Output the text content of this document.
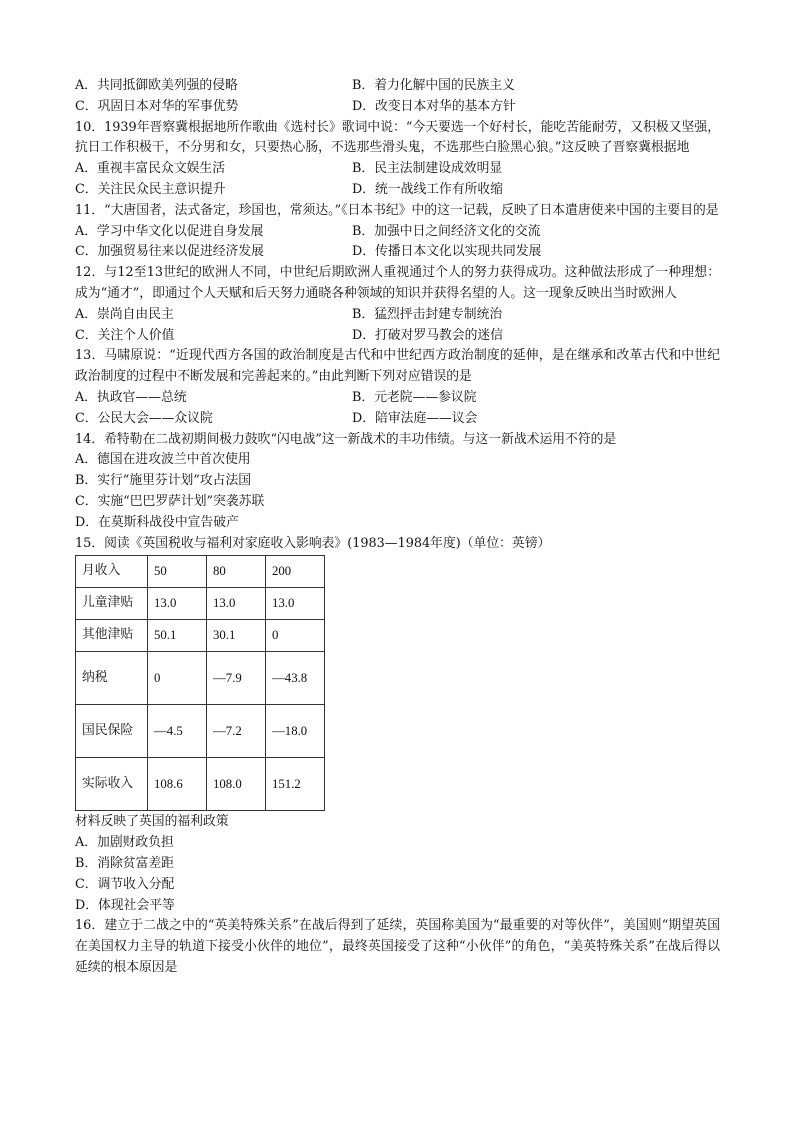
A．共同抵御欧美列强的侵略	B．着力化解中国的民族主义
C．巩固日本对华的军事优势	D．改变日本对华的基本方针
10．1939年晋察冀根据地所作歌曲《选村长》歌词中说：“今天要选一个好村长，能吃苦能耐劳，又积极又坚强，抗日工作积极干，不分男和女，只要热心肠，不选那些滑头鬼，不选那些白脸黑心狼。”这反映了晋察冀根据地
A．重视丰富民众文娱生活	B．民主法制建设成效明显
C．关注民众民主意识提升	D．统一战线工作有所收缩
11．“大唐国者，法式备定，珍国也，常须达。”《日本书纪》中的这一记载，反映了日本遣唐使来中国的主要目的是
A．学习中华文化以促进自身发展	B．加强中日之间经济文化的交流
C．加强贸易往来以促进经济发展	D．传播日本文化以实现共同发展
12．与12至13世纪的欧洲人不同，中世纪后期欧洲人重视通过个人的努力获得成功。这种做法形成了一种理想：成为“通才”，即通过个人天赋和后天努力通晓各种领域的知识并获得名望的人。这一现象反映出当时欧洲人
A．崇尚自由民主	B．猛烈抨击封建专制统治
C．关注个人价值	D．打破对罗马教会的迷信
13．马啸原说：“近现代西方各国的政治制度是古代和中世纪西方政治制度的延伸，是在继承和改革古代和中世纪政治制度的过程中不断发展和完善起来的。”由此判断下列对应错误的是
A．执政官——总统	B．元老院——参议院
C．公民大会——众议院	D．陪审法庭——议会
14．希特勒在二战初期间极力鼓吹“闪电战”这一新战术的丰功伟绩。与这一新战术运用不符的是
A．德国在进攻波兰中首次使用
B．实行“施里芬计划”攻占法国
C．实施“巴巴罗萨计划”突袭苏联
D．在莫斯科战役中宣告破产
15．阅读《英国税收与福利对家庭收入影响表》(1983—1984年度)（单位：英镑）
月收入	50	80	200
儿童津贴	13.0	13.0	13.0
其他津贴	50.1	30.1	0
纳税	0	—7.9	—43.8
国民保险	—4.5	—7.2	—18.0
实际收入	108.6	108.0	151.2
材料反映了英国的福利政策
A．加剧财政负担
B．消除贫富差距
C．调节收入分配
D．体现社会平等
16．建立于二战之中的“英美特殊关系”在战后得到了延续，英国称美国为“最重要的对等伙伴”，美国则“期望英国在美国权力主导的轨道下接受小伙伴的地位”，最终英国接受了这种“小伙伴”的角色，“美英特殊关系”在战后得以延续的根本原因是
